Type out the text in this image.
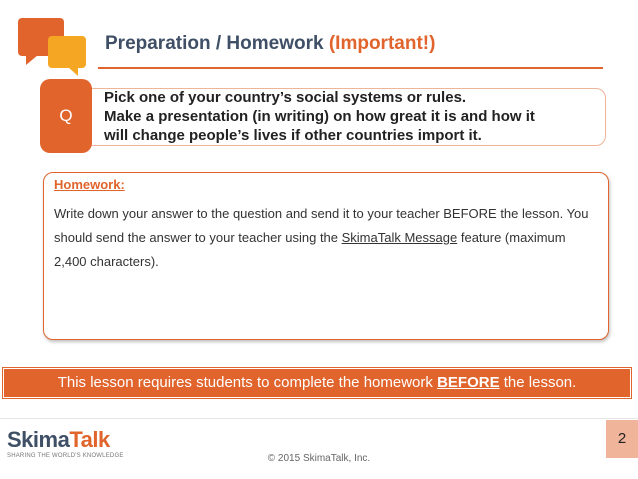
Preparation / Homework (Important!)
Q
Pick one of your country’s social systems or rules.
Make a presentation (in writing) on how great it is and how it
will change people’s lives if other countries import it.
Homework:
Write down your answer to the question and send it to your teacher BEFORE the lesson. You should send the answer to your teacher using the SkimaTalk Message feature (maximum 2,400 characters).
This lesson requires students to complete the homework BEFORE the lesson.
SkimaTalk
SHARING THE WORLD'S KNOWLEDGE	© 2015 SkimaTalk, Inc.
2
